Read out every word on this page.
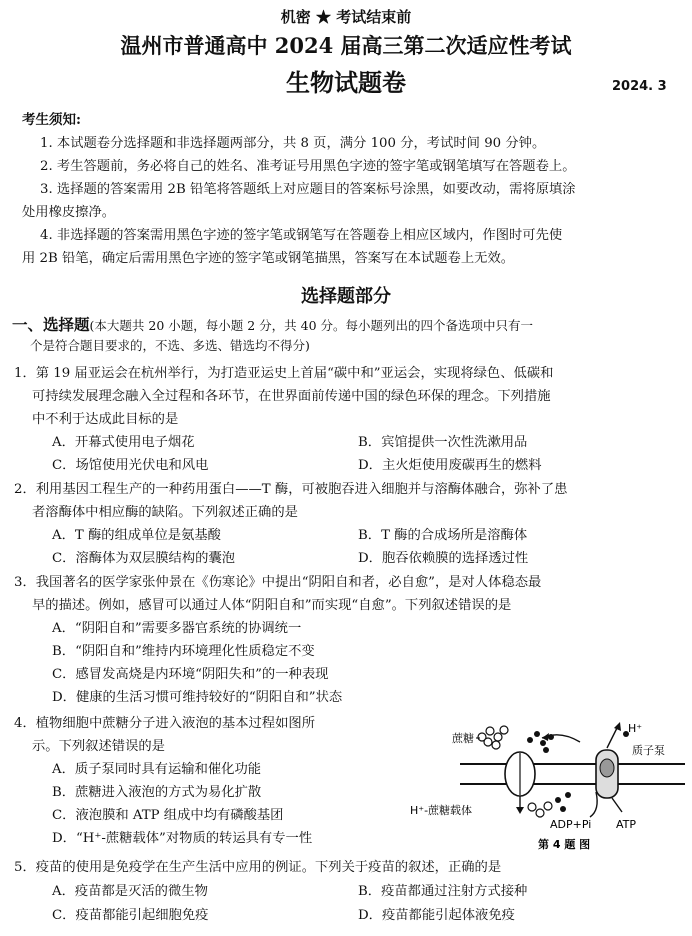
机密 ★ 考试结束前
温州市普通高中 2024 届高三第二次适应性考试
生物试题卷	2024. 3
考生须知:
1. 本试题卷分选择题和非选择题两部分，共 8 页，满分 100 分，考试时间 90 分钟。
2. 考生答题前，务必将自己的姓名、准考证号用黑色字迹的签字笔或钢笔填写在答题卷上。
3. 选择题的答案需用 2B 铅笔将答题纸上对应题目的答案标号涂黑，如要改动，需将原填涂
处用橡皮擦净。
4. 非选择题的答案需用黑色字迹的签字笔或钢笔写在答题卷上相应区域内，作图时可先使
用 2B 铅笔，确定后需用黑色字迹的签字笔或钢笔描黑，答案写在本试题卷上无效。
选择题部分
一、选择题(本大题共 20 小题，每小题 2 分，共 40 分。每小题列出的四个备选项中只有一
个是符合题目要求的，不选、多选、错选均不得分)
1．第 19 届亚运会在杭州举行，为打造亚运史上首届“碳中和”亚运会，实现将绿色、低碳和
可持续发展理念融入全过程和各环节，在世界面前传递中国的绿色环保的理念。下列措施
中不利于达成此目标的是
A．开幕式使用电子烟花	B．宾馆提供一次性洗漱用品
C．场馆使用光伏电和风电	D．主火炬使用废碳再生的燃料
2．利用基因工程生产的一种药用蛋白——T 酶，可被胞吞进入细胞并与溶酶体融合，弥补了患
者溶酶体中相应酶的缺陷。下列叙述正确的是
A．T 酶的组成单位是氨基酸	B．T 酶的合成场所是溶酶体
C．溶酶体为双层膜结构的囊泡	D．胞吞依赖膜的选择透过性
3．我国著名的医学家张仲景在《伤寒论》中提出“阴阳自和者，必自愈”，是对人体稳态最
早的描述。例如，感冒可以通过人体“阴阳自和”而实现“自愈”。下列叙述错误的是
A．“阴阳自和”需要多器官系统的协调统一
B．“阴阳自和”维持内环境理化性质稳定不变
C．感冒发高烧是内环境“阴阳失和”的一种表现
D．健康的生活习惯可维持较好的“阴阳自和”状态
4．植物细胞中蔗糖分子进入液泡的基本过程如图所
示。下列叙述错误的是
A．质子泵同时具有运输和催化功能
B．蔗糖进入液泡的方式为易化扩散
C．液泡膜和 ATP 组成中均有磷酸基团
D．“H⁺-蔗糖载体”对物质的转运具有专一性
蔗糖
H⁺
质子泵
H⁺-蔗糖载体
ADP+Pi ATP
第 4 题 图
5．疫苗的使用是免疫学在生产生活中应用的例证。下列关于疫苗的叙述，正确的是
A．疫苗都是灭活的微生物	B．疫苗都通过注射方式接种
C．疫苗都能引起细胞免疫	D．疫苗都能引起体液免疫
